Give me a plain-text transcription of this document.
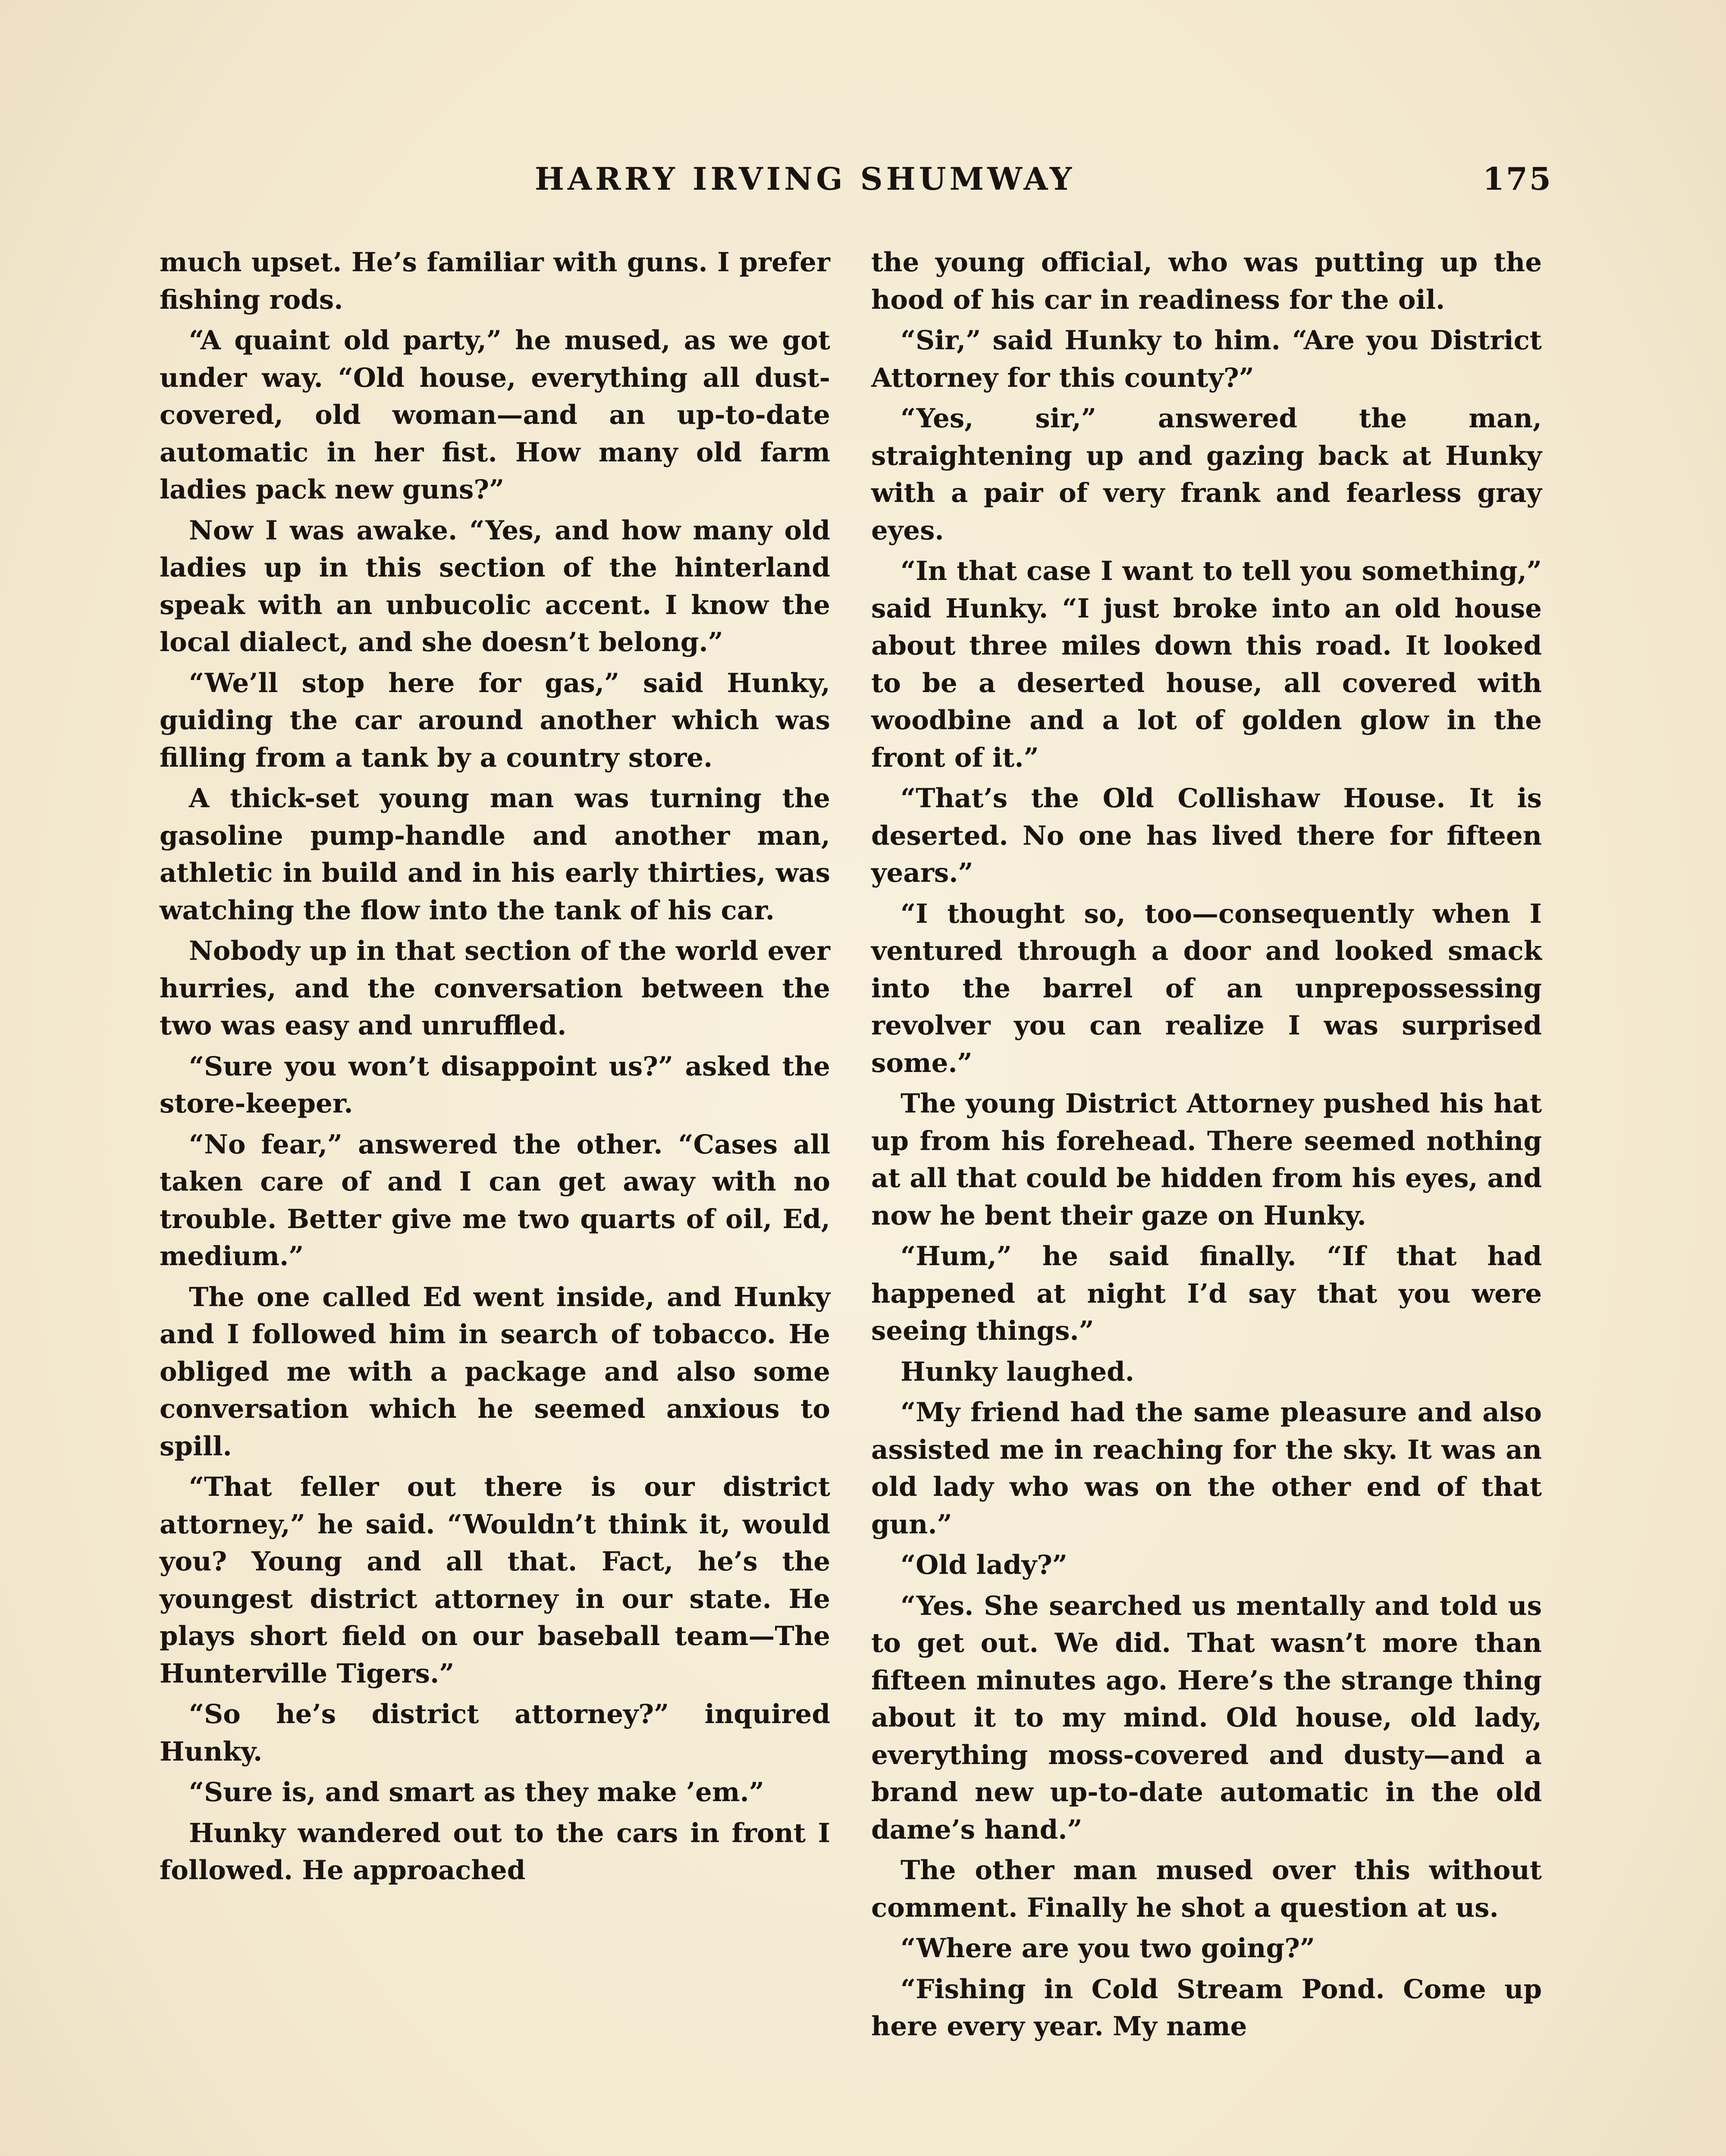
HARRY IRVING SHUMWAY	175

much upset. He’s familiar with guns. I prefer fishing rods.

“A quaint old party,” he mused, as we got under way. “Old house, everything all dust-covered, old woman—and an up-to-date automatic in her fist. How many old farm ladies pack new guns?”

Now I was awake. “Yes, and how many old ladies up in this section of the hinterland speak with an unbucolic accent. I know the local dialect, and she doesn’t belong.”

“We’ll stop here for gas,” said Hunky, guiding the car around another which was filling from a tank by a country store.

A thick-set young man was turning the gasoline pump-handle and another man, athletic in build and in his early thirties, was watching the flow into the tank of his car.

Nobody up in that section of the world ever hurries, and the conversation between the two was easy and unruffled.

“Sure you won’t disappoint us?” asked the store-keeper.

“No fear,” answered the other. “Cases all taken care of and I can get away with no trouble. Better give me two quarts of oil, Ed, medium.”

The one called Ed went inside, and Hunky and I followed him in search of tobacco. He obliged me with a package and also some conversation which he seemed anxious to spill.

“That feller out there is our district attorney,” he said. “Wouldn’t think it, would you? Young and all that. Fact, he’s the youngest district attorney in our state. He plays short field on our baseball team—The Hunterville Tigers.”

“So he’s district attorney?” inquired Hunky.

“Sure is, and smart as they make ’em.”

Hunky wandered out to the cars in front I followed. He approached

the young official, who was putting up the hood of his car in readiness for the oil.

“Sir,” said Hunky to him. “Are you District Attorney for this county?”

“Yes, sir,” answered the man, straightening up and gazing back at Hunky with a pair of very frank and fearless gray eyes.

“In that case I want to tell you something,” said Hunky. “I just broke into an old house about three miles down this road. It looked to be a deserted house, all covered with woodbine and a lot of golden glow in the front of it.”

“That’s the Old Collishaw House. It is deserted. No one has lived there for fifteen years.”

“I thought so, too—consequently when I ventured through a door and looked smack into the barrel of an unprepossessing revolver you can realize I was surprised some.”

The young District Attorney pushed his hat up from his forehead. There seemed nothing at all that could be hidden from his eyes, and now he bent their gaze on Hunky.

“Hum,” he said finally. “If that had happened at night I’d say that you were seeing things.”

Hunky laughed.

“My friend had the same pleasure and also assisted me in reaching for the sky. It was an old lady who was on the other end of that gun.”

“Old lady?”

“Yes. She searched us mentally and told us to get out. We did. That wasn’t more than fifteen minutes ago. Here’s the strange thing about it to my mind. Old house, old lady, everything moss-covered and dusty—and a brand new up-to-date automatic in the old dame’s hand.”

The other man mused over this without comment. Finally he shot a question at us.

“Where are you two going?”

“Fishing in Cold Stream Pond. Come up here every year. My name
